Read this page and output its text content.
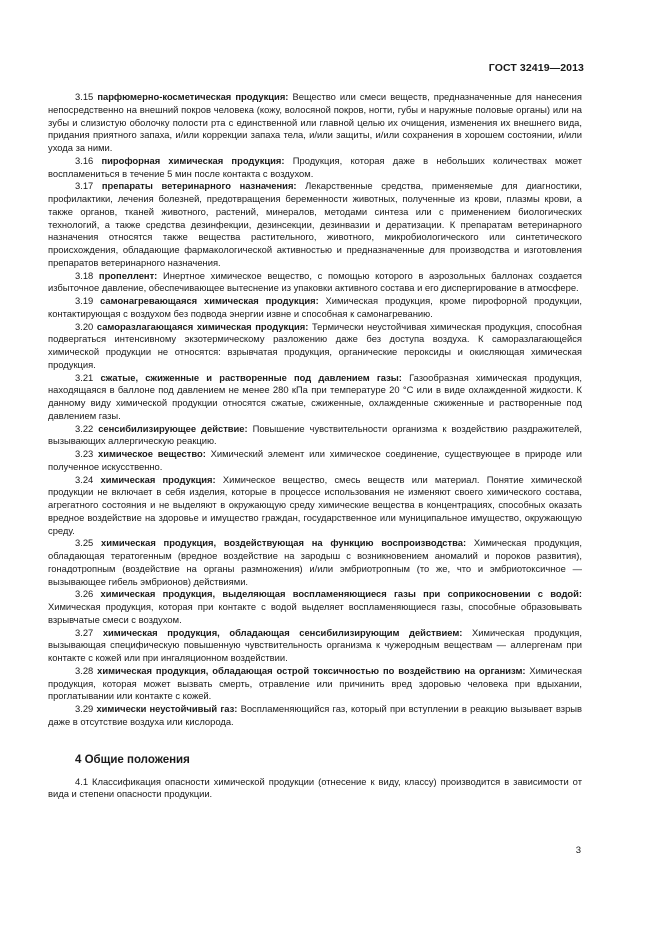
ГОСТ 32419—2013

3.15 парфюмерно-косметическая продукция: Вещество или смеси веществ, предназначенные для нанесения непосредственно на внешний покров человека (кожу, волосяной покров, ногти, губы и наружные половые органы) или на зубы и слизистую оболочку полости рта с единственной или главной целью их очищения, изменения их внешнего вида, придания приятного запаха, и/или коррекции запаха тела, и/или защиты, и/или сохранения в хорошем состоянии, и/или ухода за ними.

3.16 пирофорная химическая продукция: Продукция, которая даже в небольших количествах может воспламениться в течение 5 мин после контакта с воздухом.

3.17 препараты ветеринарного назначения: Лекарственные средства, применяемые для диагностики, профилактики, лечения болезней, предотвращения беременности животных, полученные из крови, плазмы крови, а также органов, тканей животного, растений, минералов, методами синтеза или с применением биологических технологий, а также средства дезинфекции, дезинсекции, дезинвазии и дератизации. К препаратам ветеринарного назначения относятся также вещества растительного, животного, микробиологического или синтетического происхождения, обладающие фармакологической активностью и предназначенные для производства и изготовления препаратов ветеринарного назначения.

3.18 пропеллент: Инертное химическое вещество, с помощью которого в аэрозольных баллонах создается избыточное давление, обеспечивающее вытеснение из упаковки активного состава и его диспергирование в атмосфере.

3.19 самонагревающаяся химическая продукция: Химическая продукция, кроме пирофорной продукции, контактирующая с воздухом без подвода энергии извне и способная к самонагреванию.

3.20 саморазлагающаяся химическая продукция: Термически неустойчивая химическая продукция, способная подвергаться интенсивному экзотермическому разложению даже без доступа воздуха. К саморазлагающейся химической продукции не относятся: взрывчатая продукция, органические пероксиды и окисляющая химическая продукция.

3.21 сжатые, сжиженные и растворенные под давлением газы: Газообразная химическая продукция, находящаяся в баллоне под давлением не менее 280 кПа при температуре 20 °С или в виде охлажденной жидкости. К данному виду химической продукции относятся сжатые, сжиженные, охлажденные сжиженные и растворенные под давлением газы.

3.22 сенсибилизирующее действие: Повышение чувствительности организма к воздействию раздражителей, вызывающих аллергическую реакцию.

3.23 химическое вещество: Химический элемент или химическое соединение, существующее в природе или полученное искусственно.

3.24 химическая продукция: Химическое вещество, смесь веществ или материал. Понятие химической продукции не включает в себя изделия, которые в процессе использования не изменяют своего химического состава, агрегатного состояния и не выделяют в окружающую среду химические вещества в концентрациях, способных оказать вредное воздействие на здоровье и имущество граждан, государственное или муниципальное имущество, окружающую среду.

3.25 химическая продукция, воздействующая на функцию воспроизводства: Химическая продукция, обладающая тератогенным (вредное воздействие на зародыш с возникновением аномалий и пороков развития), гонадотропным (воздействие на органы размножения) и/или эмбриотропным (то же, что и эмбриотоксичное — вызывающее гибель эмбрионов) действиями.

3.26 химическая продукция, выделяющая воспламеняющиеся газы при соприкосновении с водой: Химическая продукция, которая при контакте с водой выделяет воспламеняющиеся газы, способные образовывать взрывчатые смеси с воздухом.

3.27 химическая продукция, обладающая сенсибилизирующим действием: Химическая продукция, вызывающая специфическую повышенную чувствительность организма к чужеродным веществам — аллергенам при контакте с кожей или при ингаляционном воздействии.

3.28 химическая продукция, обладающая острой токсичностью по воздействию на организм: Химическая продукция, которая может вызвать смерть, отравление или причинить вред здоровью человека при вдыхании, проглатывании или контакте с кожей.

3.29 химически неустойчивый газ: Воспламеняющийся газ, который при вступлении в реакцию вызывает взрыв даже в отсутствие воздуха или кислорода.

4 Общие положения

4.1 Классификация опасности химической продукции (отнесение к виду, классу) производится в зависимости от вида и степени опасности продукции.

3
